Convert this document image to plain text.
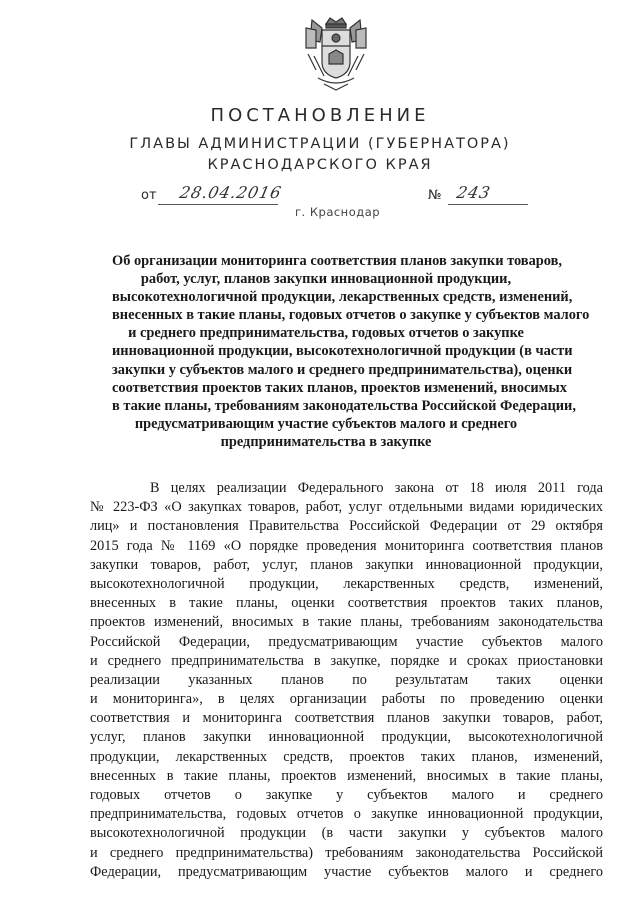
ПОСТАНОВЛЕНИЕ
ГЛАВЫ АДМИНИСТРАЦИИ (ГУБЕРНАТОРА)
КРАСНОДАРСКОГО КРАЯ
от 28.04.2016	№ 243
г. Краснодар
Об организации мониторинга соответствия планов закупки товаров,
работ, услуг, планов закупки инновационной продукции,
высокотехнологичной продукции, лекарственных средств, изменений,
внесенных в такие планы, годовых отчетов о закупке у субъектов малого
и среднего предпринимательства, годовых отчетов о закупке
инновационной продукции, высокотехнологичной продукции (в части
закупки у субъектов малого и среднего предпринимательства), оценки
соответствия проектов таких планов, проектов изменений, вносимых
в такие планы, требованиям законодательства Российской Федерации,
предусматривающим участие субъектов малого и среднего
предпринимательства в закупке
В целях реализации Федерального закона от 18 июля 2011 года
№ 223-ФЗ «О закупках товаров, работ, услуг отдельными видами юридических
лиц» и постановления Правительства Российской Федерации от 29 октября
2015 года № 1169 «О порядке проведения мониторинга соответствия планов
закупки товаров, работ, услуг, планов закупки инновационной продукции,
высокотехнологичной продукции, лекарственных средств, изменений,
внесенных в такие планы, оценки соответствия проектов таких планов,
проектов изменений, вносимых в такие планы, требованиям законодательства
Российской Федерации, предусматривающим участие субъектов малого
и среднего предпринимательства в закупке, порядке и сроках приостановки
реализации указанных планов по результатам таких оценки
и мониторинга», в целях организации работы по проведению оценки
соответствия и мониторинга соответствия планов закупки товаров, работ,
услуг, планов закупки инновационной продукции, высокотехнологичной
продукции, лекарственных средств, проектов таких планов, изменений,
внесенных в такие планы, проектов изменений, вносимых в такие планы,
годовых отчетов о закупке у субъектов малого и среднего
предпринимательства, годовых отчетов о закупке инновационной продукции,
высокотехнологичной продукции (в части закупки у субъектов малого
и среднего предпринимательства) требованиям законодательства Российской
Федерации, предусматривающим участие субъектов малого и среднего
